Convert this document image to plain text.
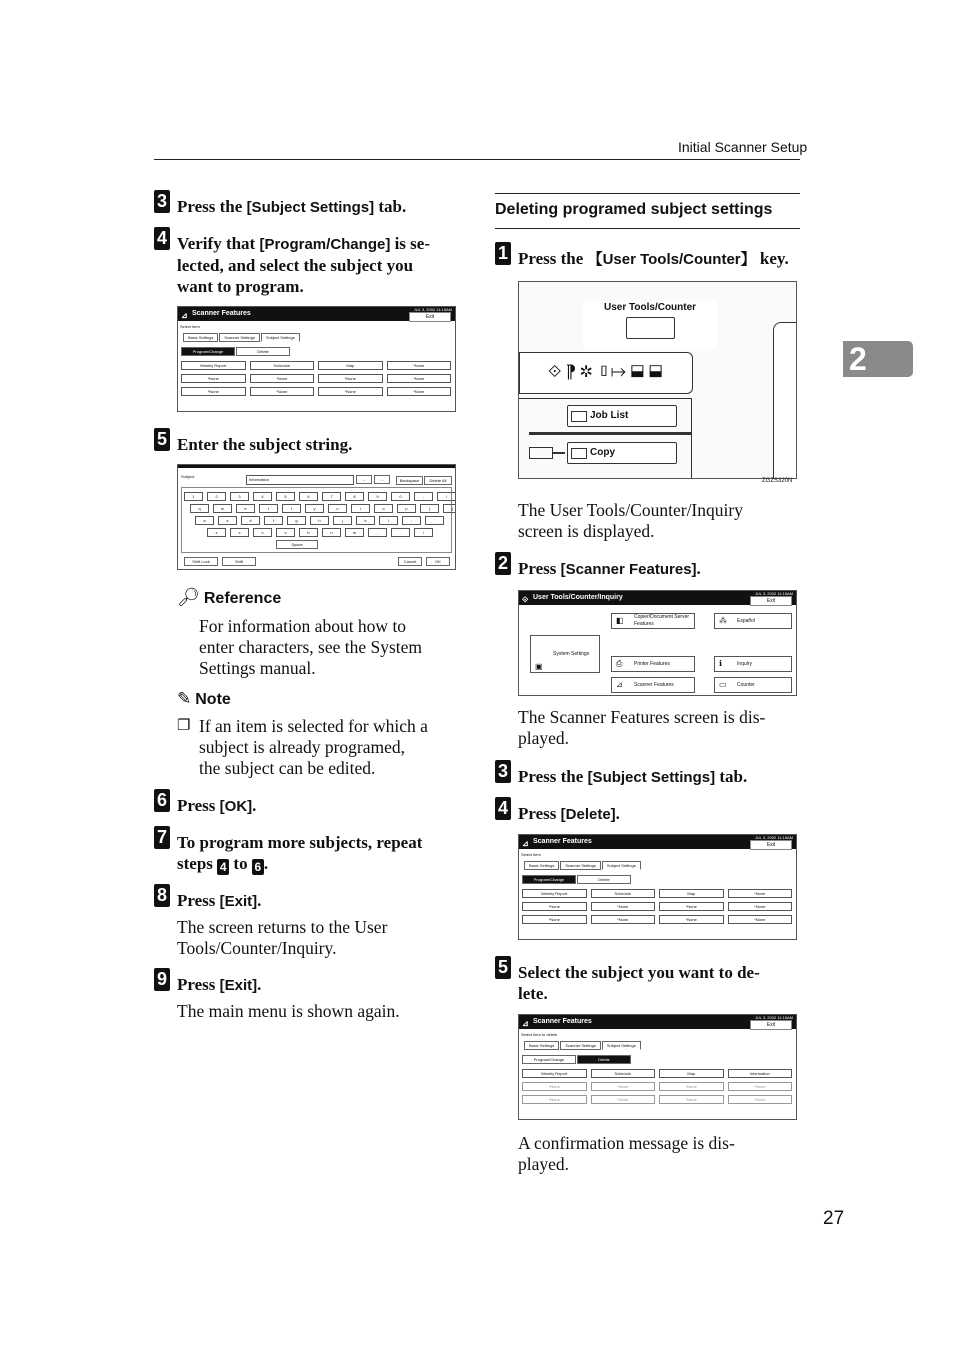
Initial Scanner Setup
2
27
3 Press the [Subject Settings] tab.
4 Verify that [Program/Change] is se-
lected, and select the subject you
want to program.
⊿ Scanner Features
JUL 3, 2002 11:15AM
Exit
Select item
Basic Settings	Scanner Settings	Subject Settings
Program/Change	Delete
Weekly Report	Schedule	Map	*None
*None	*None	*None	*None
*None	*None	*None	*None
5 Enter the subject string.
Subject
Information	←	→	Backspace	Delete All
1	2	3	4	5	6	7	8	9	0	-	\
q	w	e	r	t	y	u	i	o	p	[	]
a	s	d	f	g	h	j	k	l	;	'
z	x	c	v	b	n	m	,	.	/
Space
Shift Lock	Shift	Cancel	OK
🔎︎ Reference
For information about how to
enter characters, see the System
Settings manual.
✎ Note
❐ If an item is selected for which a
subject is already programed,
the subject can be edited.
6 Press [OK].
7 To program more subjects, repeat
steps 4 to 6 .
8 Press [Exit].
The screen returns to the User
Tools/Counter/Inquiry.
9 Press [Exit].
The main menu is shown again.
Deleting programed subject settings
1 Press the 【User Tools/Counter】 key.
User Tools/Counter
⟐ ⁋ ✲ ▯↦ ⬓ ⬓
Job List
Copy
ZGZS320N
The User Tools/Counter/Inquiry
screen is displayed.
2 Press [Scanner Features].
⟐ User Tools/Counter/Inquiry
JUL 3, 2002 11:15AM
Exit
▣
System Settings
◧ Copier/Document Server Features	⁂ Español
⎙ Printer Features	ℹ	Inquiry
⊿ Scanner Features	▭ Counter
The Scanner Features screen is dis-
played.
3 Press the [Subject Settings] tab.
4 Press [Delete].
⊿ Scanner Features
JUL 3, 2002 11:15AM
Exit
Select item
Basic Settings	Scanner Settings	Subject Settings
Program/Change	Delete
Weekly Report	Schedule	Map	*None
*None	*None	*None	*None
*None	*None	*None	*None
5 Select the subject you want to de-
lete.
⊿ Scanner Features
JUL 3, 2002 11:15AM
Exit
Select item to delete
Basic Settings	Scanner Settings	Subject Settings
Program/Change	Delete
Weekly Report	Schedule	Map	Information
*None	*None	*None	*None
*None	*None	*None	*None
A confirmation message is dis-
played.
